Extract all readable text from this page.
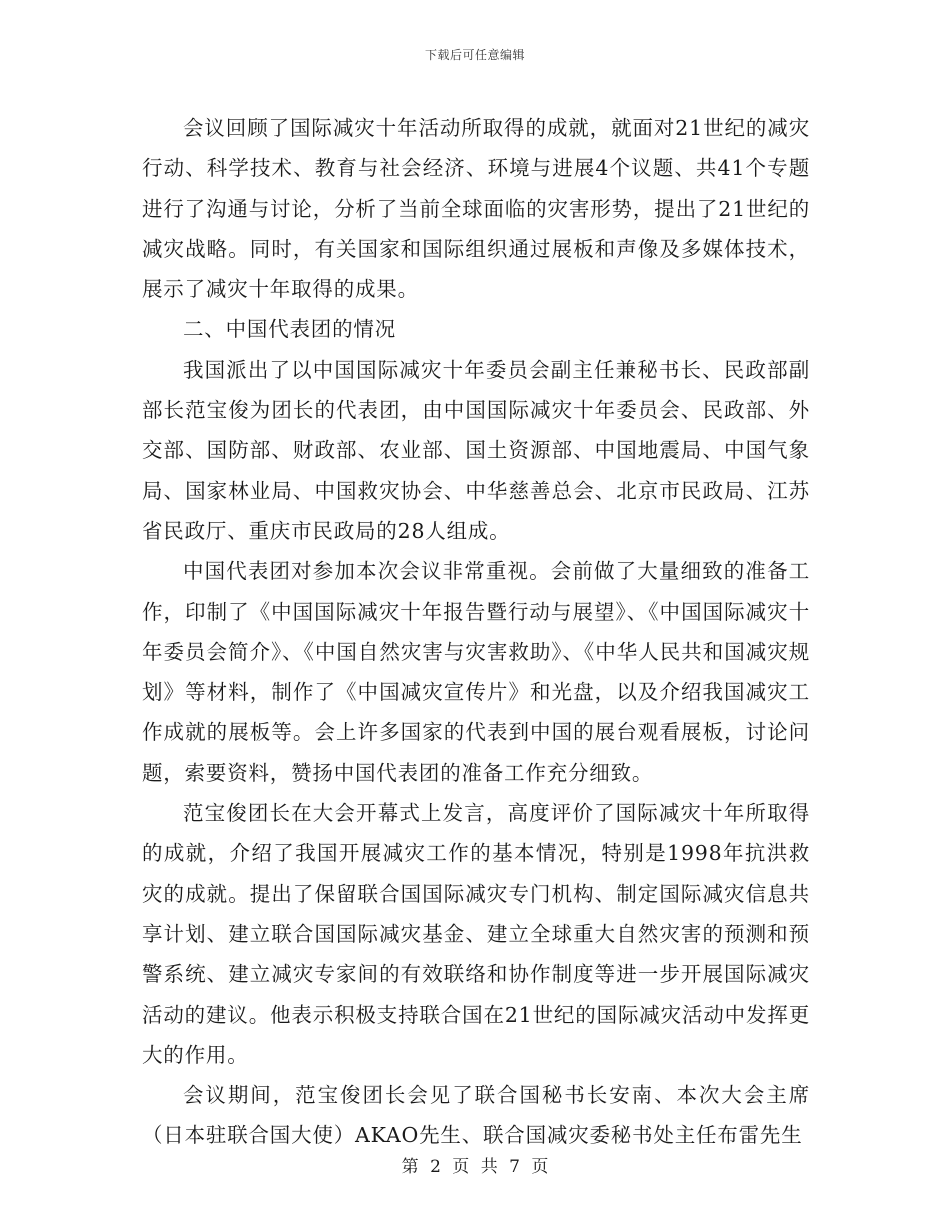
下载后可任意编辑

会议回顾了国际减灾十年活动所取得的成就，就面对21世纪的减灾行动、科学技术、教育与社会经济、环境与进展4个议题、共41个专题进行了沟通与讨论，分析了当前全球面临的灾害形势，提出了21世纪的减灾战略。同时，有关国家和国际组织通过展板和声像及多媒体技术，展示了减灾十年取得的成果。

二、中国代表团的情况

我国派出了以中国国际减灾十年委员会副主任兼秘书长、民政部副部长范宝俊为团长的代表团，由中国国际减灾十年委员会、民政部、外交部、国防部、财政部、农业部、国土资源部、中国地震局、中国气象局、国家林业局、中国救灾协会、中华慈善总会、北京市民政局、江苏省民政厅、重庆市民政局的28人组成。

中国代表团对参加本次会议非常重视。会前做了大量细致的准备工作，印制了《中国国际减灾十年报告暨行动与展望》、《中国国际减灾十年委员会简介》、《中国自然灾害与灾害救助》、《中华人民共和国减灾规划》等材料，制作了《中国减灾宣传片》和光盘，以及介绍我国减灾工作成就的展板等。会上许多国家的代表到中国的展台观看展板，讨论问题，索要资料，赞扬中国代表团的准备工作充分细致。

范宝俊团长在大会开幕式上发言，高度评价了国际减灾十年所取得的成就，介绍了我国开展减灾工作的基本情况，特别是1998年抗洪救灾的成就。提出了保留联合国国际减灾专门机构、制定国际减灾信息共享计划、建立联合国国际减灾基金、建立全球重大自然灾害的预测和预警系统、建立减灾专家间的有效联络和协作制度等进一步开展国际减灾活动的建议。他表示积极支持联合国在21世纪的国际减灾活动中发挥更大的作用。

会议期间，范宝俊团长会见了联合国秘书长安南、本次大会主席（日本驻联合国大使）AKAO先生、联合国减灾委秘书处主任布雷先生

第 2 页 共 7 页
